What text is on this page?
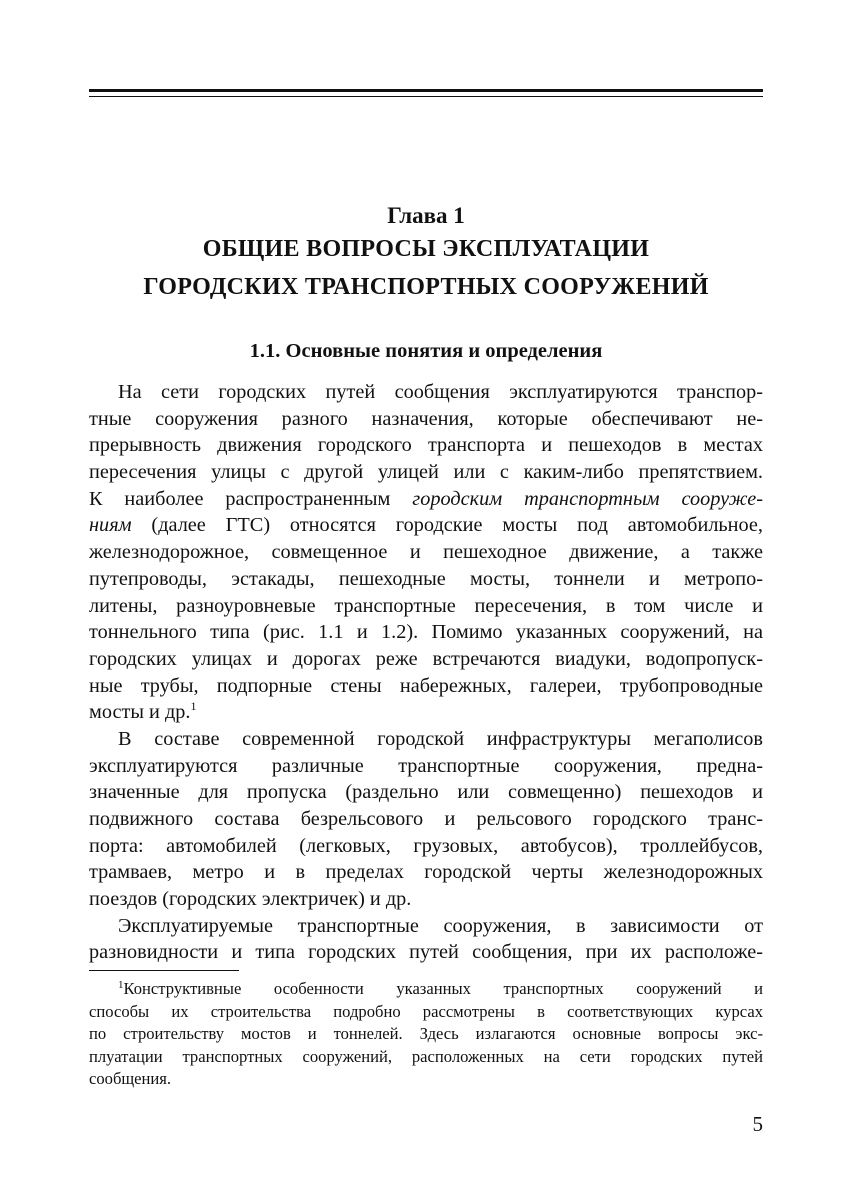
Глава 1
ОБЩИЕ ВОПРОСЫ ЭКСПЛУАТАЦИИ
ГОРОДСКИХ ТРАНСПОРТНЫХ СООРУЖЕНИЙ
1.1. Основные понятия и определения
На сети городских путей сообщения эксплуатируются транспор-
тные сооружения разного назначения, которые обеспечивают не-
прерывность движения городского транспорта и пешеходов в местах
пересечения улицы с другой улицей или с каким-либо препятствием.
К наиболее распространенным городским транспортным сооруже-
ниям (далее ГТС) относятся городские мосты под автомобильное,
железнодорожное, совмещенное и пешеходное движение, а также
путепроводы, эстакады, пешеходные мосты, тоннели и метропо-
литены, разноуровневые транспортные пересечения, в том числе и
тоннельного типа (рис. 1.1 и 1.2). Помимо указанных сооружений, на
городских улицах и дорогах реже встречаются виадуки, водопропуск-
ные трубы, подпорные стены набережных, галереи, трубопроводные
мосты и др.$^1$
В составе современной городской инфраструктуры мегаполисов
эксплуатируются различные транспортные сооружения, предна-
значенные для пропуска (раздельно или совмещенно) пешеходов и
подвижного состава безрельсового и рельсового городского транс-
порта: автомобилей (легковых, грузовых, автобусов), троллейбусов,
трамваев, метро и в пределах городской черты железнодорожных
поездов (городских электричек) и др.
Эксплуатируемые транспортные сооружения, в зависимости от
разновидности и типа городских путей сообщения, при их расположе-
$^1$Конструктивные особенности указанных транспортных сооружений и
способы их строительства подробно рассмотрены в соответствующих курсах
по строительству мостов и тоннелей. Здесь излагаются основные вопросы экс-
плуатации транспортных сооружений, расположенных на сети городских путей
сообщения.
5
